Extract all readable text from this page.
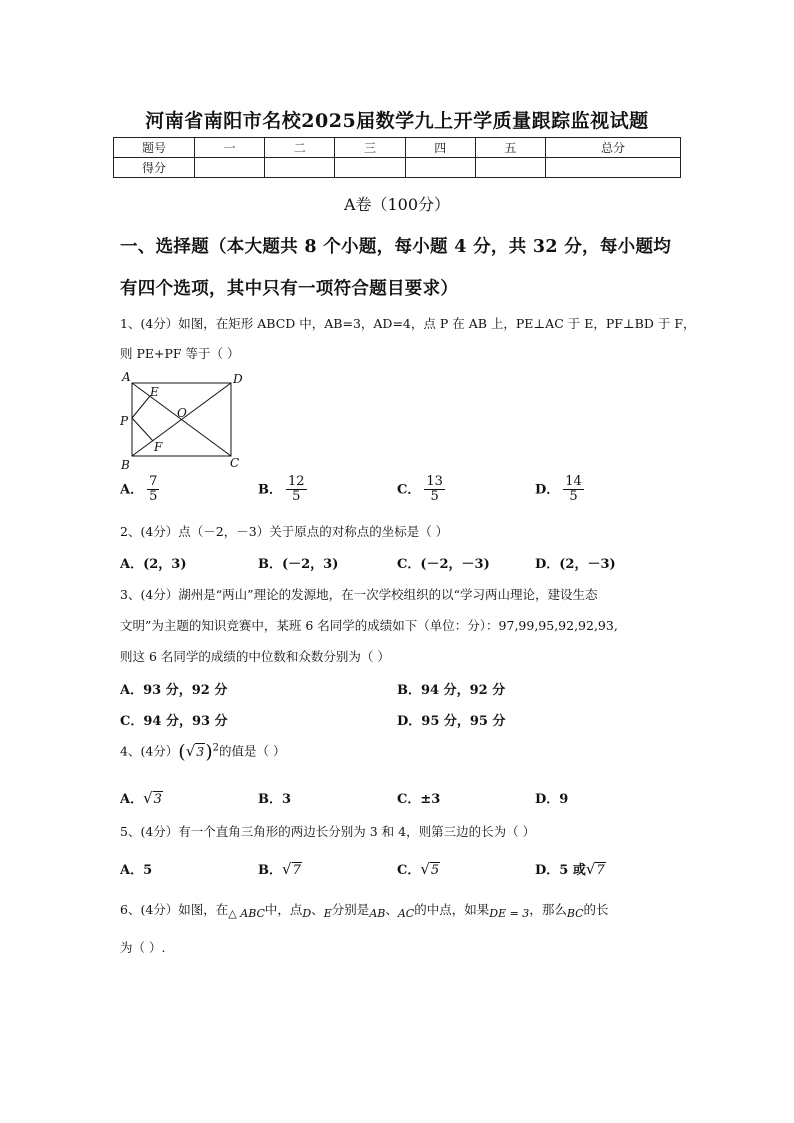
河南省南阳市名校2025届数学九上开学质量跟踪监视试题
题号	一	二	三	四	五	总分
得分						
A卷（100分）
一、选择题（本大题共 8 个小题，每小题 4 分，共 32 分，每小题均
有四个选项，其中只有一项符合题目要求）
1、(4分）如图，在矩形 ABCD 中，AB=3，AD=4，点 P 在 AB 上，PE⊥AC 于 E，PF⊥BD 于 F，
则 PE+PF 等于（ ）
A	D
E
O
P
F
B	C
A． $\frac{7}{5}$	B． $\frac{12}{5}$	C． $\frac{13}{5}$	D． $\frac{14}{5}$
2、(4分）点（－2，－3）关于原点的对称点的坐标是（ ）
A．(2，3)	B．(－2，3)	C．(－2，－3)	D．(2，－3)
3、(4分）湖州是“两山”理论的发源地，在一次学校组织的以“学习两山理论，建设生态
文明”为主题的知识竞赛中，某班 6 名同学的成绩如下（单位：分）：97,99,95,92,92,93,
则这 6 名同学的成绩的中位数和众数分别为（ ）
A．93 分，92 分	B．94 分，92 分
C．94 分，93 分	D．95 分，95 分
4、(4分）$(√3)^2$的值是（ ）
A．√3	B．3	C．±3	D．9
5、(4分）有一个直角三角形的两边长分别为 3 和 4，则第三边的长为（ ）
A．5	B．√7	C．√5	D．5 或√7
6、(4分）如图，在△ ABC中，点D、E分别是AB、AC的中点，如果DE = 3，那么BC的长
为（ ）.
